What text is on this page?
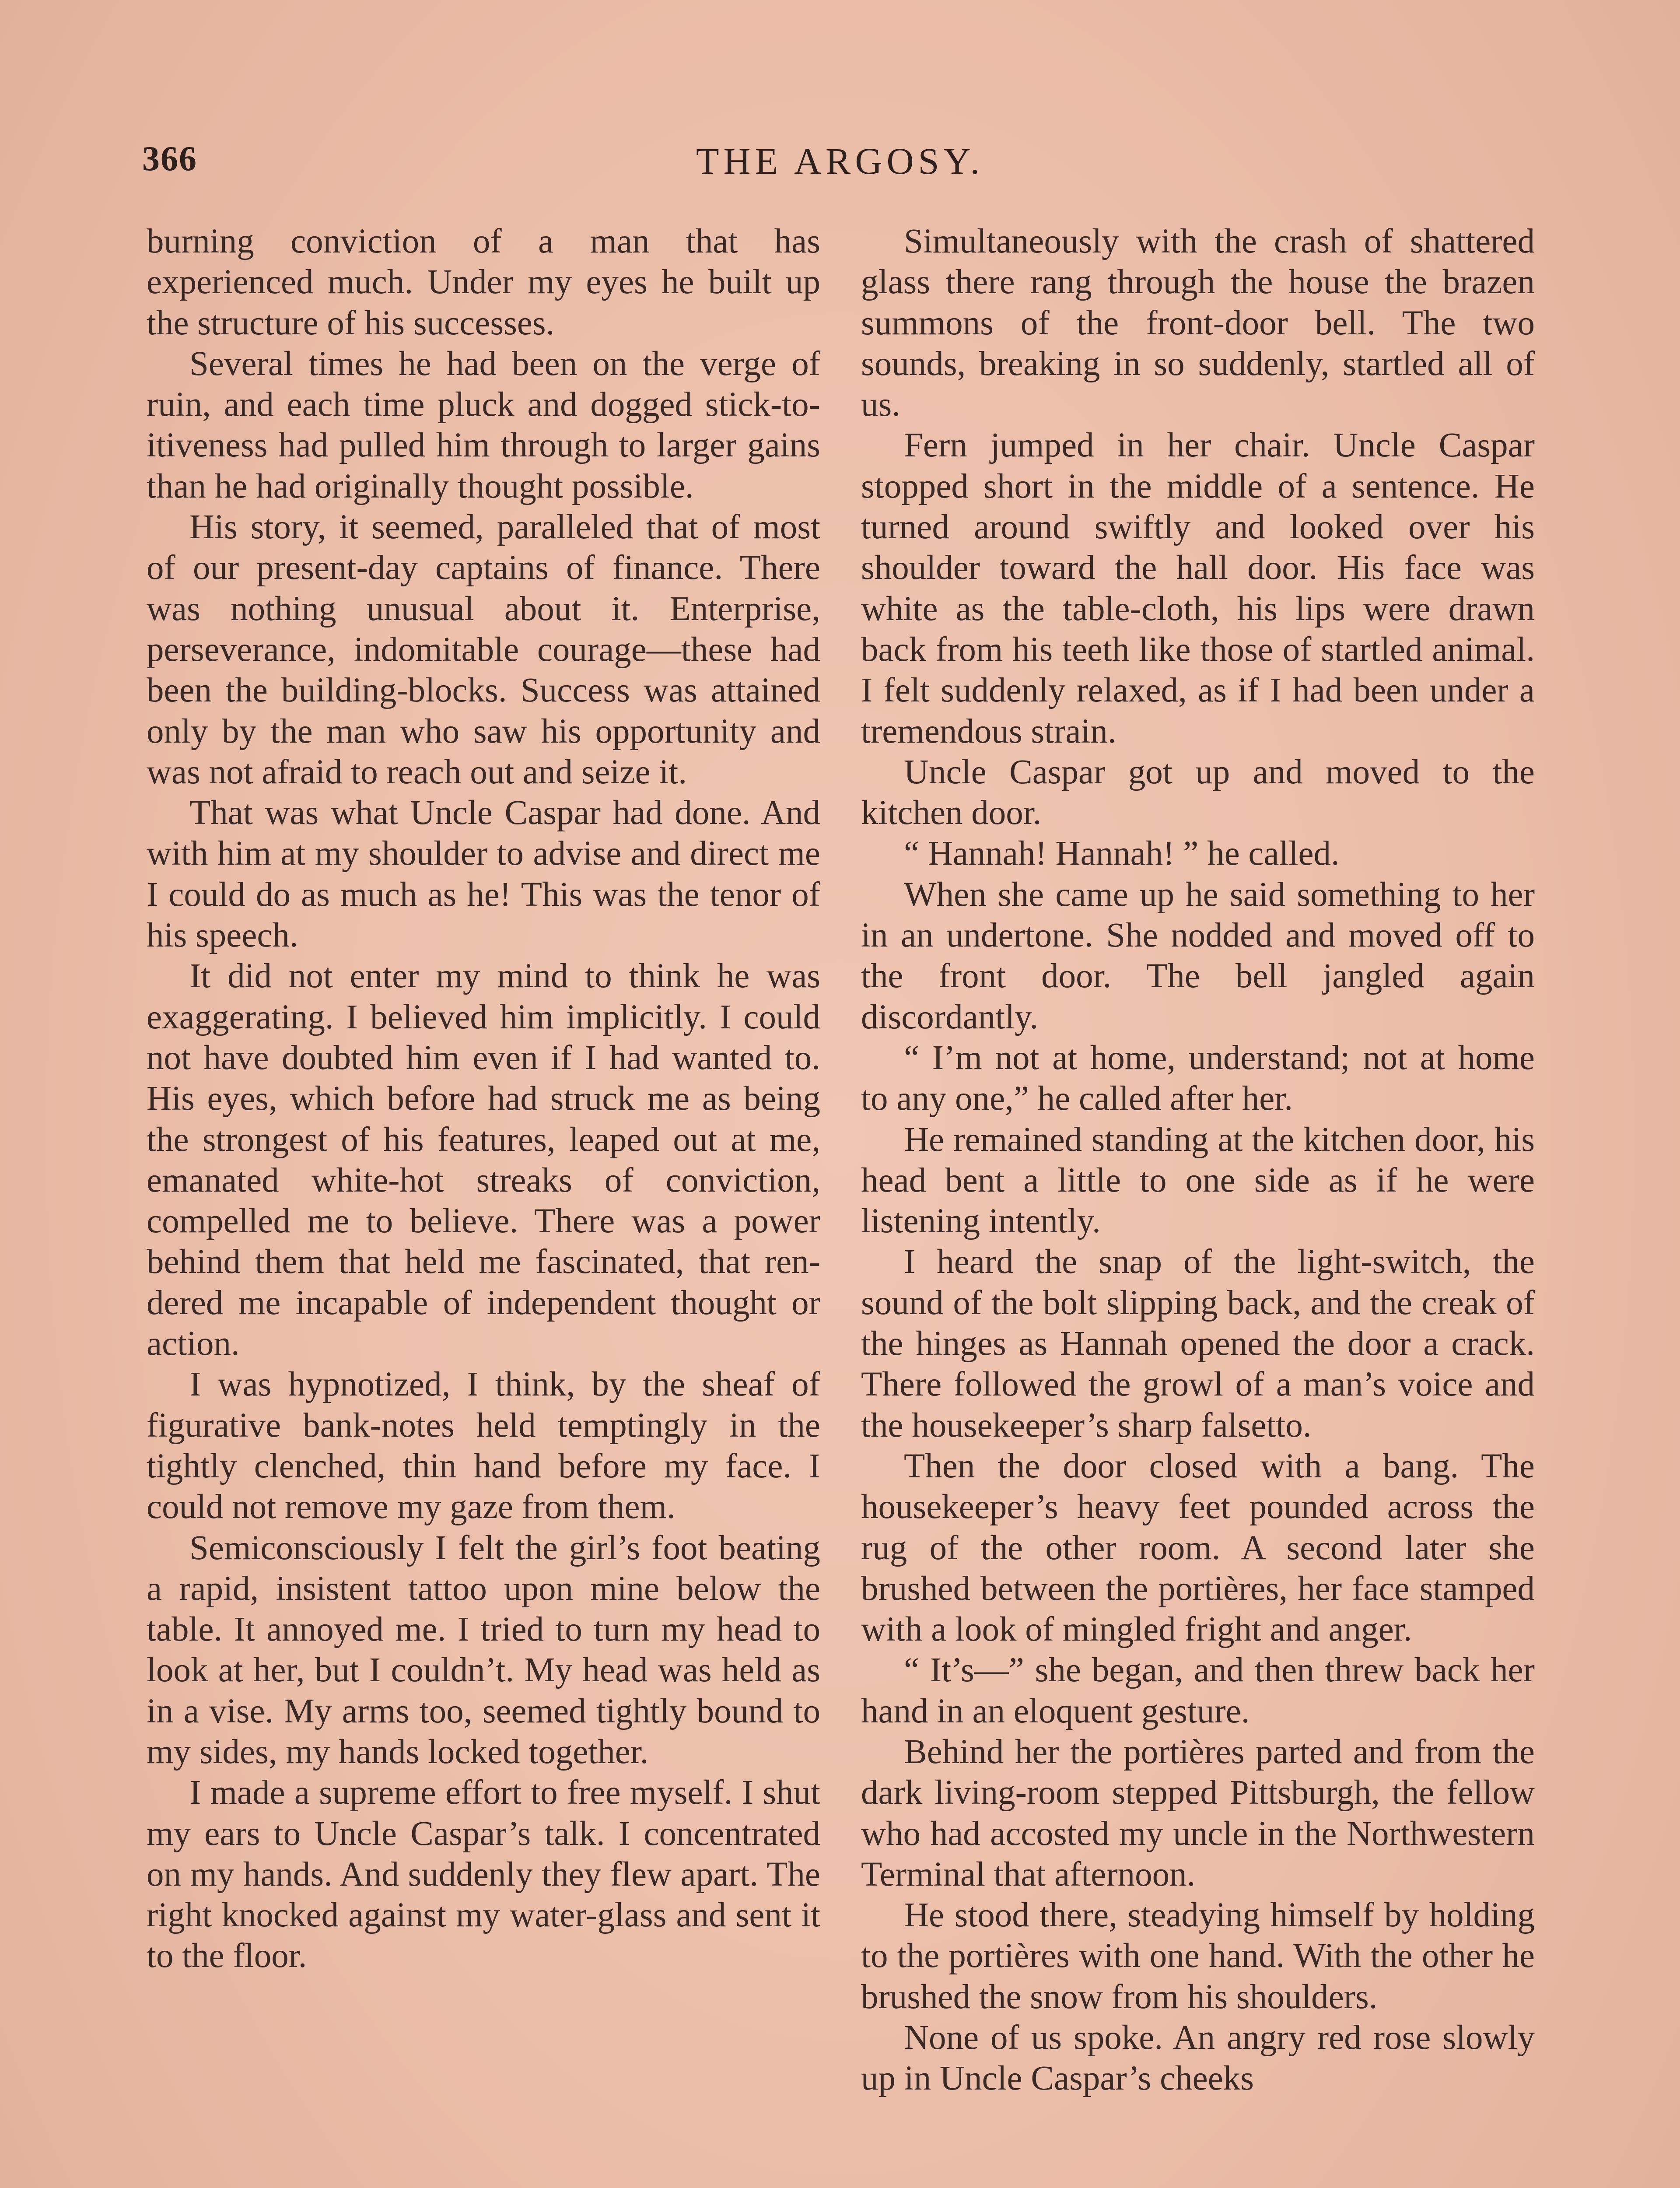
366	THE ARGOSY.

burning conviction of a man that has experienced much. Under my eyes he built up the structure of his successes.

Several times he had been on the verge of ruin, and each time pluck and dogged stick-to-itiveness had pulled him through to larger gains than he had originally thought possible.

His story, it seemed, paralleled that of most of our present-day captains of finance. There was nothing unusual about it. Enterprise, perseverance, indomitable courage—these had been the building-blocks. Success was attained only by the man who saw his opportunity and was not afraid to reach out and seize it.

That was what Uncle Caspar had done. And with him at my shoulder to advise and direct me I could do as much as he! This was the tenor of his speech.

It did not enter my mind to think he was exaggerating. I believed him implicitly. I could not have doubted him even if I had wanted to. His eyes, which before had struck me as being the strongest of his features, leaped out at me, emanated white-hot streaks of conviction, compelled me to believe. There was a power behind them that held me fascinated, that rendered me incapable of independent thought or action.

I was hypnotized, I think, by the sheaf of figurative bank-notes held temptingly in the tightly clenched, thin hand before my face. I could not remove my gaze from them.

Semiconsciously I felt the girl’s foot beating a rapid, insistent tattoo upon mine below the table. It annoyed me. I tried to turn my head to look at her, but I couldn’t. My head was held as in a vise. My arms too, seemed tightly bound to my sides, my hands locked together.

I made a supreme effort to free myself. I shut my ears to Uncle Caspar’s talk. I concentrated on my hands. And suddenly they flew apart. The right knocked against my water-glass and sent it to the floor.

Simultaneously with the crash of shattered glass there rang through the house the brazen summons of the front-door bell. The two sounds, breaking in so suddenly, startled all of us.

Fern jumped in her chair. Uncle Caspar stopped short in the middle of a sentence. He turned around swiftly and looked over his shoulder toward the hall door. His face was white as the table-cloth, his lips were drawn back from his teeth like those of startled animal. I felt suddenly relaxed, as if I had been under a tremendous strain.

Uncle Caspar got up and moved to the kitchen door.

“ Hannah! Hannah! ” he called.

When she came up he said something to her in an undertone. She nodded and moved off to the front door. The bell jangled again discordantly.

“ I’m not at home, understand; not at home to any one,” he called after her.

He remained standing at the kitchen door, his head bent a little to one side as if he were listening intently.

I heard the snap of the light-switch, the sound of the bolt slipping back, and the creak of the hinges as Hannah opened the door a crack. There followed the growl of a man’s voice and the housekeeper’s sharp falsetto.

Then the door closed with a bang. The housekeeper’s heavy feet pounded across the rug of the other room. A second later she brushed between the portières, her face stamped with a look of mingled fright and anger.

“ It’s—” she began, and then threw back her hand in an eloquent gesture.

Behind her the portières parted and from the dark living-room stepped Pittsburgh, the fellow who had accosted my uncle in the Northwestern Terminal that afternoon.

He stood there, steadying himself by holding to the portières with one hand. With the other he brushed the snow from his shoulders.

None of us spoke. An angry red rose slowly up in Uncle Caspar’s cheeks
